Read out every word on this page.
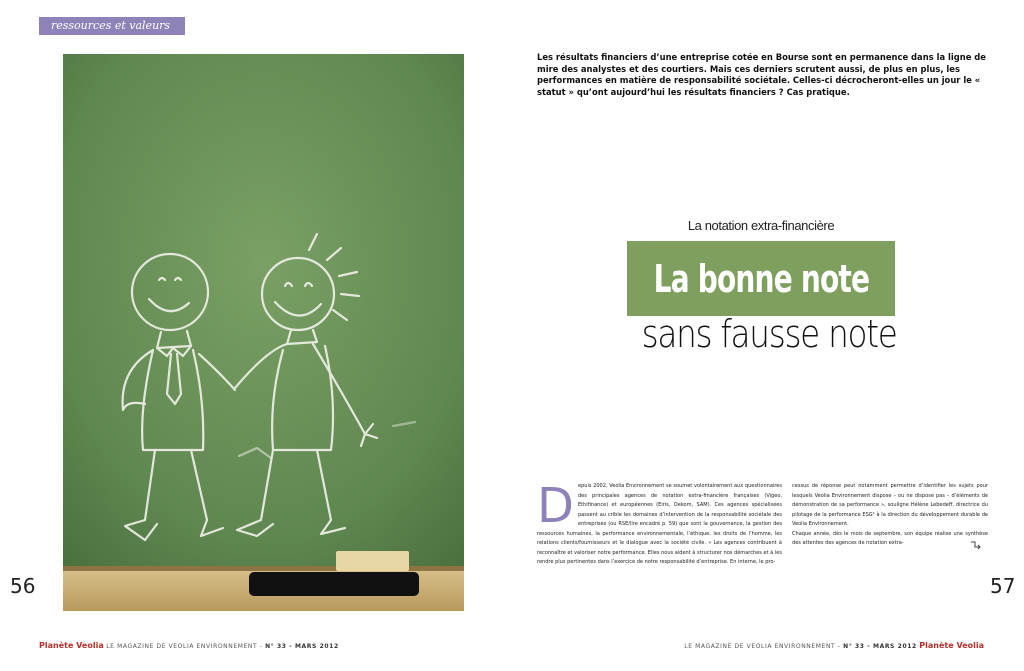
ressources et valeurs
56	57

Les résultats financiers d’une entreprise cotée en Bourse sont en permanence dans la ligne de mire des analystes et des courtiers. Mais ces derniers scrutent aussi, de plus en plus, les performances en matière de responsabilité sociétale. Celles-ci décrocheront-elles un jour le « statut » qu’ont aujourd’hui les résultats financiers ? Cas pratique.

La notation extra-financière
La bonne note
sans fausse note
D epuis 2002, Veolia Environnement se soumet volontairement aux questionnaires des principales agences de notation extra-financière françaises (Vigeo, Ethifinance) et européennes (Eiris, Oekom, SAM). Ces agences spécialisées passent au crible les domaines d’intervention de la responsabilité sociétale des entreprises (ou RSE/lire encadré p. 59) que sont la gouvernance, la gestion des ressources humaines, la performance environnementale, l’éthique, les droits de l’homme, les relations clients/fournisseurs et le dialogue avec la société civile. « Les agences contribuent à reconnaître et valoriser notre performance. Elles nous aident à structurer nos démarches et à les rendre plus pertinentes dans l’exercice de notre responsabilité d’entreprise. En interne, le pro-

cessus de réponse peut notamment permettre d’identifier les sujets pour lesquels Veolia Environnement dispose – ou ne dispose pas – d’éléments de démonstration de sa performance », souligne Hélène Lebedeff, directrice du pilotage de la performance ESG¹ à la direction du développement durable de Veolia Environnement.

Chaque année, dès le mois de septembre, son équipe réalise une synthèse des attentes des agences de notation extra-

Planète Veolia LE MAGAZINE DE VEOLIA ENVIRONNEMENT - N° 33 - MARS 2012	LE MAGAZINE DE VEOLIA ENVIRONNEMENT - N° 33 - MARS 2012 Planète Veolia
